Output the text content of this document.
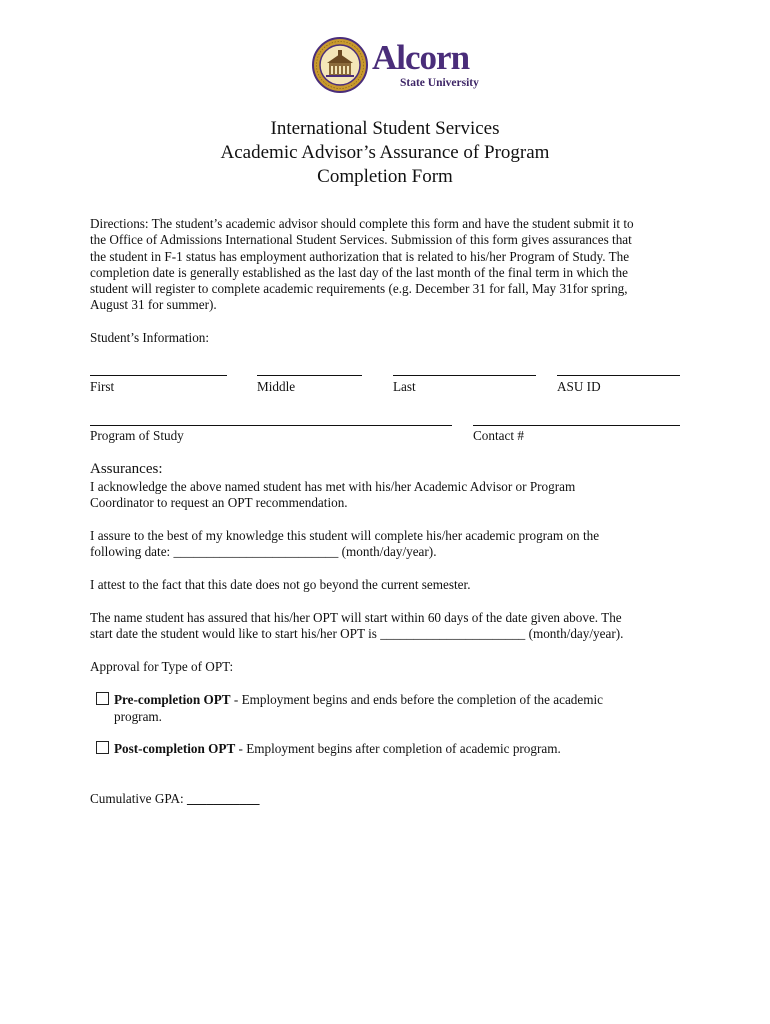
Alcorn
State University
International Student Services
Academic Advisor’s Assurance of Program
Completion Form
Directions: The student’s academic advisor should complete this form and have the student submit it to
the Office of Admissions International Student Services. Submission of this form gives assurances that
the student in F-1 status has employment authorization that is related to his/her Program of Study. The
completion date is generally established as the last day of the last month of the final term in which the
student will register to complete academic requirements (e.g. December 31 for fall, May 31for spring,
August 31 for summer).
Student’s Information:
First	Middle	Last	ASU ID
Program of Study	Contact #
Assurances:
I acknowledge the above named student has met with his/her Academic Advisor or Program
Coordinator to request an OPT recommendation.
I assure to the best of my knowledge this student will complete his/her academic program on the
following date: _________________________ (month/day/year).
I attest to the fact that this date does not go beyond the current semester.
The name student has assured that his/her OPT will start within 60 days of the date given above. The
start date the student would like to start his/her OPT is ______________________ (month/day/year).
Approval for Type of OPT:
Pre-completion OPT - Employment begins and ends before the completion of the academic
program.
Post-completion OPT - Employment begins after completion of academic program.
Cumulative GPA: ___________
